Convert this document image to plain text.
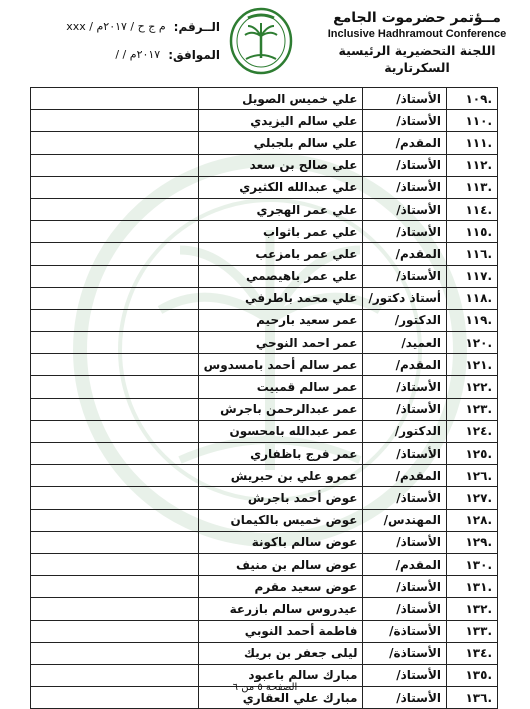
مــؤتمر حضرموت الجامع
Inclusive Hadhramout Conference
اللجنة التحضيرية الرئيسية
السكرتارية
الــرقم:
xxx / م ج ح / ٢٠١٧م
الموافق:
/ / ٢٠١٧م
.١٠٩	الأستاذ/	علي خميس الصويل	
.١١٠	الأستاذ/	علي سالم اليزيدي	
.١١١	المقدم/	علي سالم بلجبلي	
.١١٢	الأستاذ/	علي صالح بن سعد	
.١١٣	الأستاذ/	علي عبدالله الكثيري	
.١١٤	الأستاذ/	علي عمر الهجري	
.١١٥	الأستاذ/	علي عمر باثواب	
.١١٦	المقدم/	علي عمر بامزعب	
.١١٧	الأستاذ/	علي عمر باهيصمي	
.١١٨	أستاذ دكتور/	علي محمد باطرفي	
.١١٩	الدكتور/	عمر سعيد بارحيم	
.١٢٠	العميد/	عمر احمد النوحي	
.١٢١	المقدم/	عمر سالم أحمد بامسدوس	
.١٢٢	الأستاذ/	عمر سالم قمبيت	
.١٢٣	الأستاذ/	عمر عبدالرحمن باجرش	
.١٢٤	الدكتور/	عمر عبدالله بامحسون	
.١٢٥	الأستاذ/	عمر فرج باظفاري	
.١٢٦	المقدم/	عمرو علي بن حبريش	
.١٢٧	الأستاذ/	عوض أحمد باجرش	
.١٢٨	المهندس/	عوض خميس بالكيمان	
.١٢٩	الأستاذ/	عوض سالم باكونة	
.١٣٠	المقدم/	عوض سالم بن منيف	
.١٣١	الأستاذ/	عوض سعيد مقرم	
.١٣٢	الأستاذ/	عيدروس سالم بازرعة	
.١٣٣	الأستاذة/	فاطمة أحمد النوبي	
.١٣٤	الأستاذة/	ليلى جعفر بن بريك	
.١٣٥	الأستاذ/	مبارك سالم باعبود	
.١٣٦	الأستاذ/	مبارك علي العقاري	
الصفحة ٥ من ٦
